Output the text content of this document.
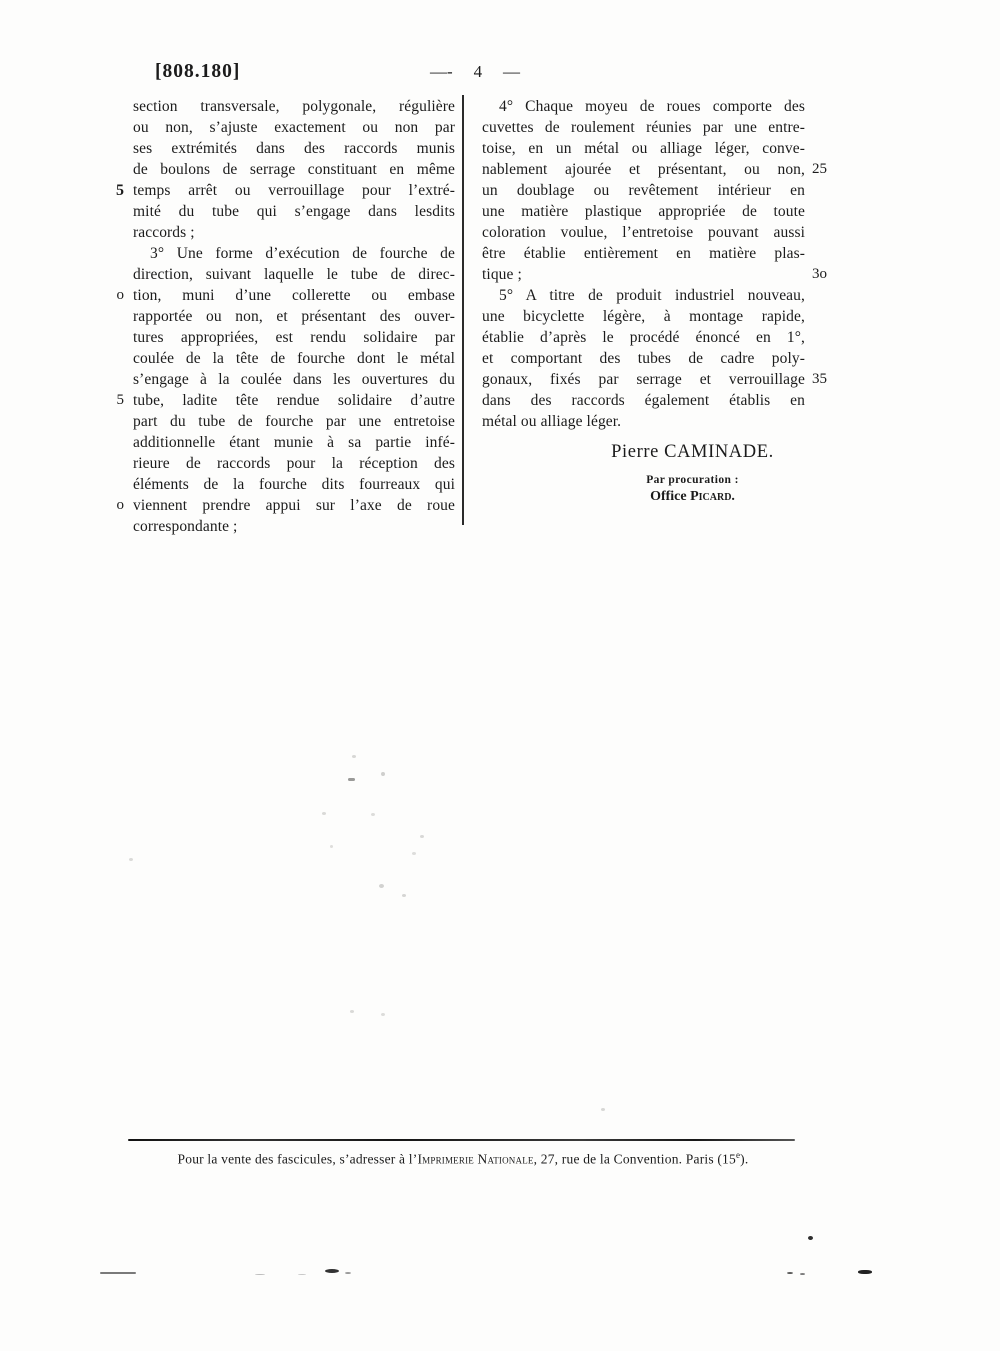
[808.180]	—- 4 —
section transversale, polygonale, régulière
ou non, s’ajuste exactement ou non par
ses extrémités dans des raccords munis
de boulons de serrage constituant en même
temps arrêt ou verrouillage pour l’extré-
mité du tube qui s’engage dans lesdits
raccords ;
3° Une forme d’exécution de fourche de
direction, suivant laquelle le tube de direc-
tion, muni d’une collerette ou embase
rapportée ou non, et présentant des ouver-
tures appropriées, est rendu solidaire par
coulée de la tête de fourche dont le métal
s’engage à la coulée dans les ouvertures du
tube, ladite tête rendue solidaire d’autre
part du tube de fourche par une entretoise
additionnelle étant munie à sa partie infé-
rieure de raccords pour la réception des
éléments de la fourche dits fourreaux qui
viennent prendre appui sur l’axe de roue
correspondante ;
5
o
5
o
4° Chaque moyeu de roues comporte des
cuvettes de roulement réunies par une entre-
toise, en un métal ou alliage léger, conve-
nablement ajourée et présentant, ou non,
un doublage ou revêtement intérieur en
une matière plastique appropriée de toute
coloration voulue, l’entretoise pouvant aussi
être établie entièrement en matière plas-
tique ;
5° A titre de produit industriel nouveau,
une bicyclette légère, à montage rapide,
établie d’après le procédé énoncé en 1°,
et comportant des tubes de cadre poly-
gonaux, fixés par serrage et verrouillage
dans des raccords également établis en
métal ou alliage léger.
25
3o
35
Pierre CAMINADE.
Par procuration :
Office Picard.
Pour la vente des fascicules, s’adresser à l’Imprimerie Nationale, 27, rue de la Convention. Paris (15e).
